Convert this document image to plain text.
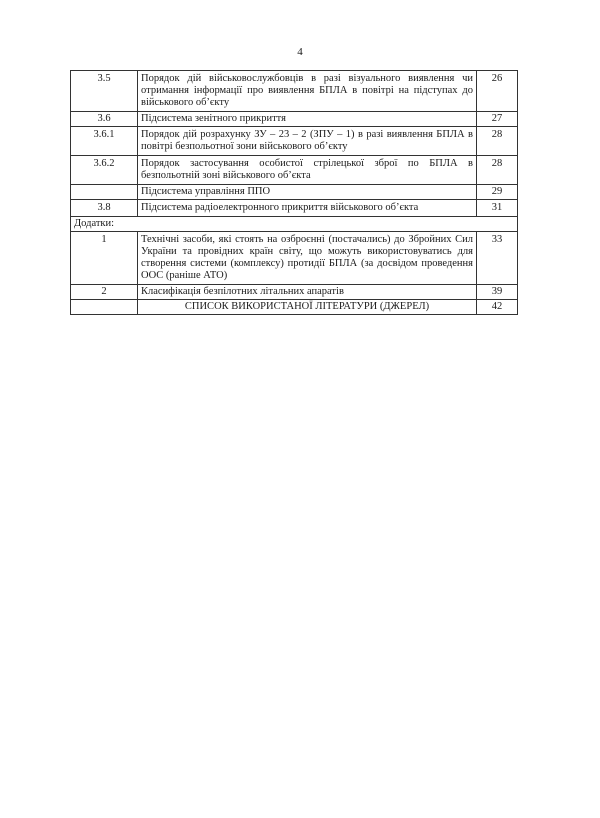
4
3.5	Порядок дій військовослужбовців в разі візуального виявлення чи отримання інформації про виявлення БПЛА в повітрі на підступах до військового об’єкту	26
3.6	Підсистема зенітного прикриття	27
3.6.1	Порядок дій розрахунку ЗУ – 23 – 2 (ЗПУ – 1) в разі виявлення БПЛА в повітрі безпольотної зони військового об’єкту	28
3.6.2	Порядок застосування особистої стрілецької зброї по БПЛА в безпольотній зоні військового об’єкта	28
	Підсистема управління ППО	29
3.8	Підсистема радіоелектронного прикриття військового об’єкта	31
Додатки:		
1	Технічні засоби, які стоять на озброєнні (постачались) до Збройних Сил України та провідних країн світу, що можуть використовуватись для створення системи (комплексу) протидії БПЛА (за досвідом проведення ООС (раніше АТО)	33
2	Класифікація безпілотних літальних апаратів	39
	СПИСОК ВИКОРИСТАНОЇ ЛІТЕРАТУРИ (ДЖЕРЕЛ)	42
